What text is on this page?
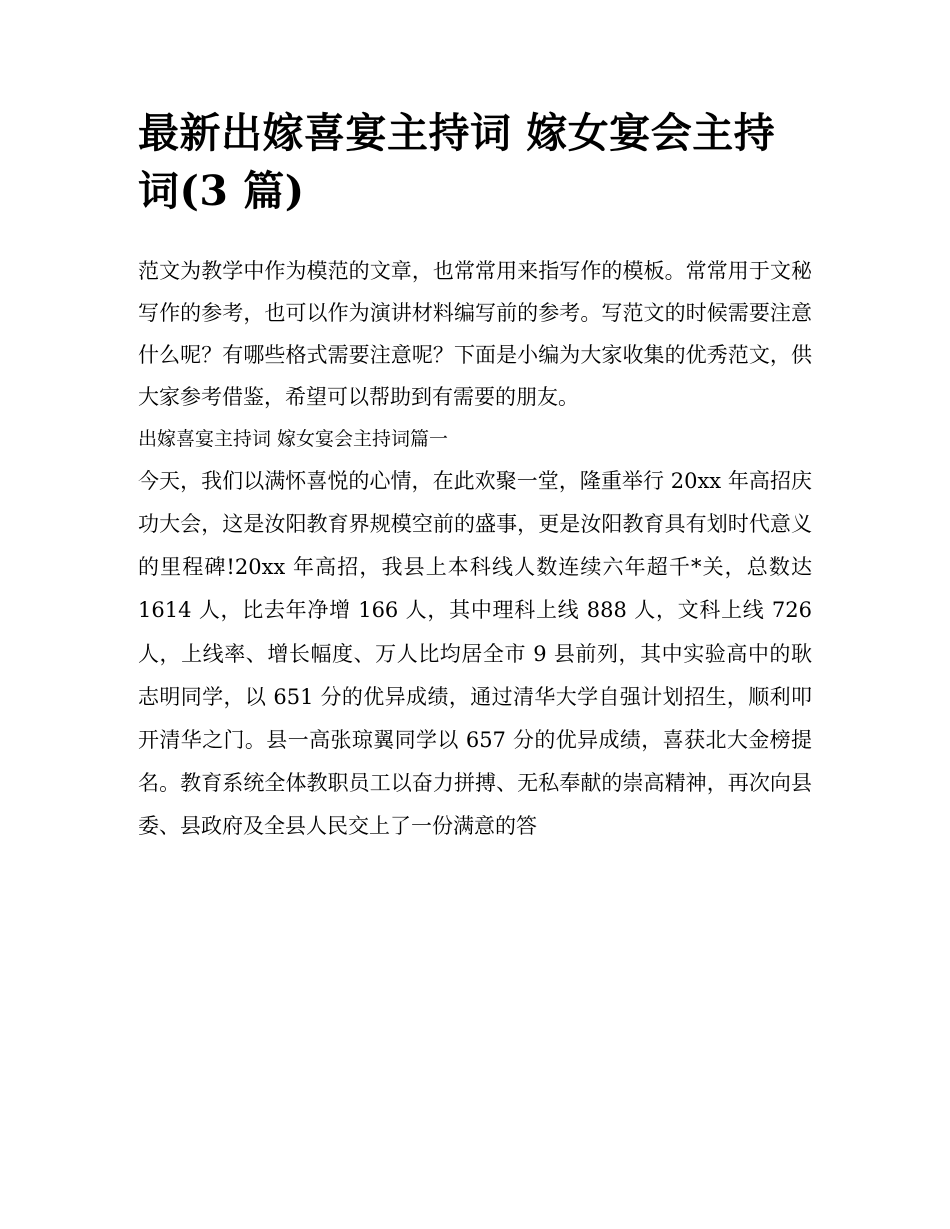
最新出嫁喜宴主持词 嫁女宴会主持词(3 篇)

范文为教学中作为模范的文章，也常常用来指写作的模板。常常用于文秘写作的参考，也可以作为演讲材料编写前的参考。写范文的时候需要注意什么呢？有哪些格式需要注意呢？下面是小编为大家收集的优秀范文，供大家参考借鉴，希望可以帮助到有需要的朋友。

出嫁喜宴主持词 嫁女宴会主持词篇一

今天，我们以满怀喜悦的心情，在此欢聚一堂，隆重举行 20xx 年高招庆功大会，这是汝阳教育界规模空前的盛事，更是汝阳教育具有划时代意义的里程碑!20xx 年高招，我县上本科线人数连续六年超千*关，总数达 1614 人，比去年净增 166 人，其中理科上线 888 人，文科上线 726 人，上线率、增长幅度、万人比均居全市 9 县前列，其中实验高中的耿志明同学，以 651 分的优异成绩，通过清华大学自强计划招生，顺利叩开清华之门。县一高张琼翼同学以 657 分的优异成绩，喜获北大金榜提名。教育系统全体教职员工以奋力拼搏、无私奉献的崇高精神，再次向县委、县政府及全县人民交上了一份满意的答
